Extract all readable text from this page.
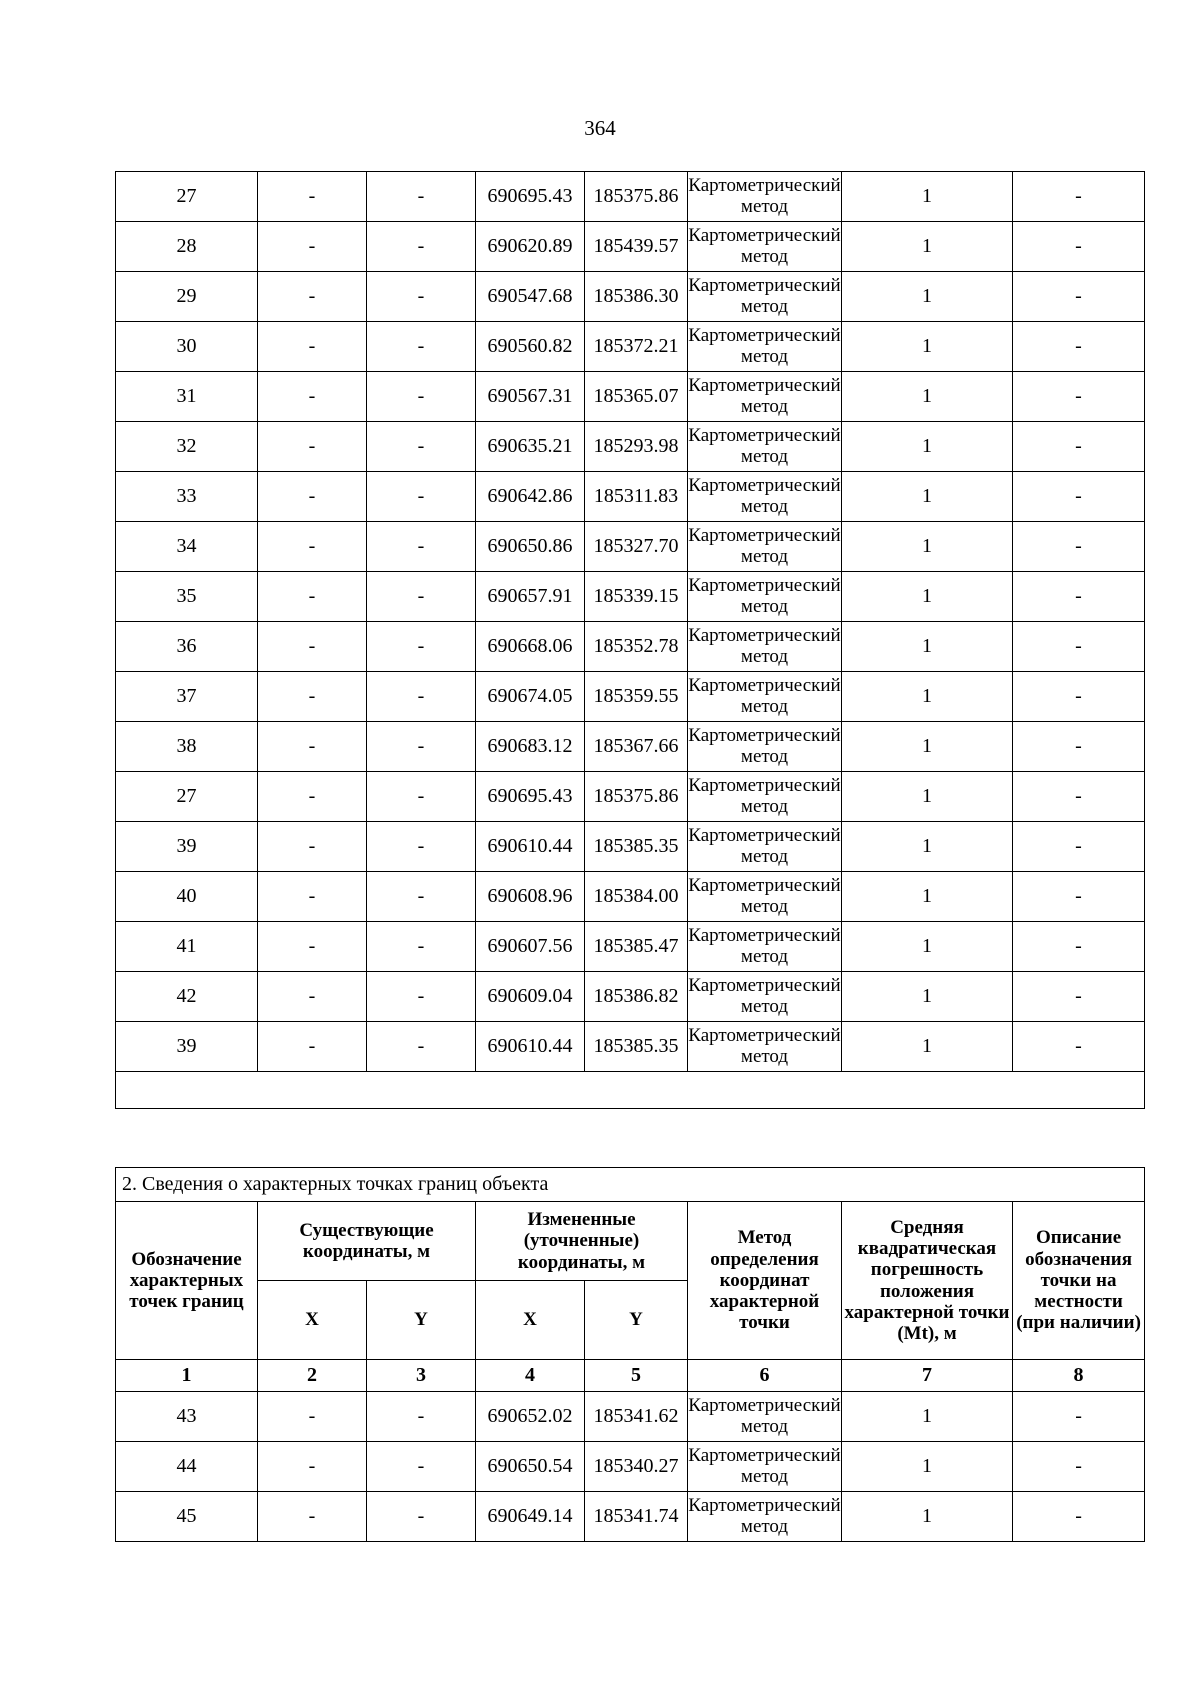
364
27	-	-	690695.43	185375.86	Картометрический метод	1	-
28	-	-	690620.89	185439.57	Картометрический метод	1	-
29	-	-	690547.68	185386.30	Картометрический метод	1	-
30	-	-	690560.82	185372.21	Картометрический метод	1	-
31	-	-	690567.31	185365.07	Картометрический метод	1	-
32	-	-	690635.21	185293.98	Картометрический метод	1	-
33	-	-	690642.86	185311.83	Картометрический метод	1	-
34	-	-	690650.86	185327.70	Картометрический метод	1	-
35	-	-	690657.91	185339.15	Картометрический метод	1	-
36	-	-	690668.06	185352.78	Картометрический метод	1	-
37	-	-	690674.05	185359.55	Картометрический метод	1	-
38	-	-	690683.12	185367.66	Картометрический метод	1	-
27	-	-	690695.43	185375.86	Картометрический метод	1	-
39	-	-	690610.44	185385.35	Картометрический метод	1	-
40	-	-	690608.96	185384.00	Картометрический метод	1	-
41	-	-	690607.56	185385.47	Картометрический метод	1	-
42	-	-	690609.04	185386.82	Картометрический метод	1	-
39	-	-	690610.44	185385.35	Картометрический метод	1	-

2. Сведения о характерных точках границ объекта							
Обозначение характерных точек границ	Существующие координаты, м		Измененные (уточненные) координаты, м		Метод определения координат характерной точки	Средняя квадратическая погрешность положения характерной точки (Mt), м	Описание обозначения точки на местности (при наличии)
	X	Y	X	Y			
1	2	3	4	5	6	7	8
43	-	-	690652.02	185341.62	Картометрический метод	1	-
44	-	-	690650.54	185340.27	Картометрический метод	1	-
45	-	-	690649.14	185341.74	Картометрический метод	1	-
